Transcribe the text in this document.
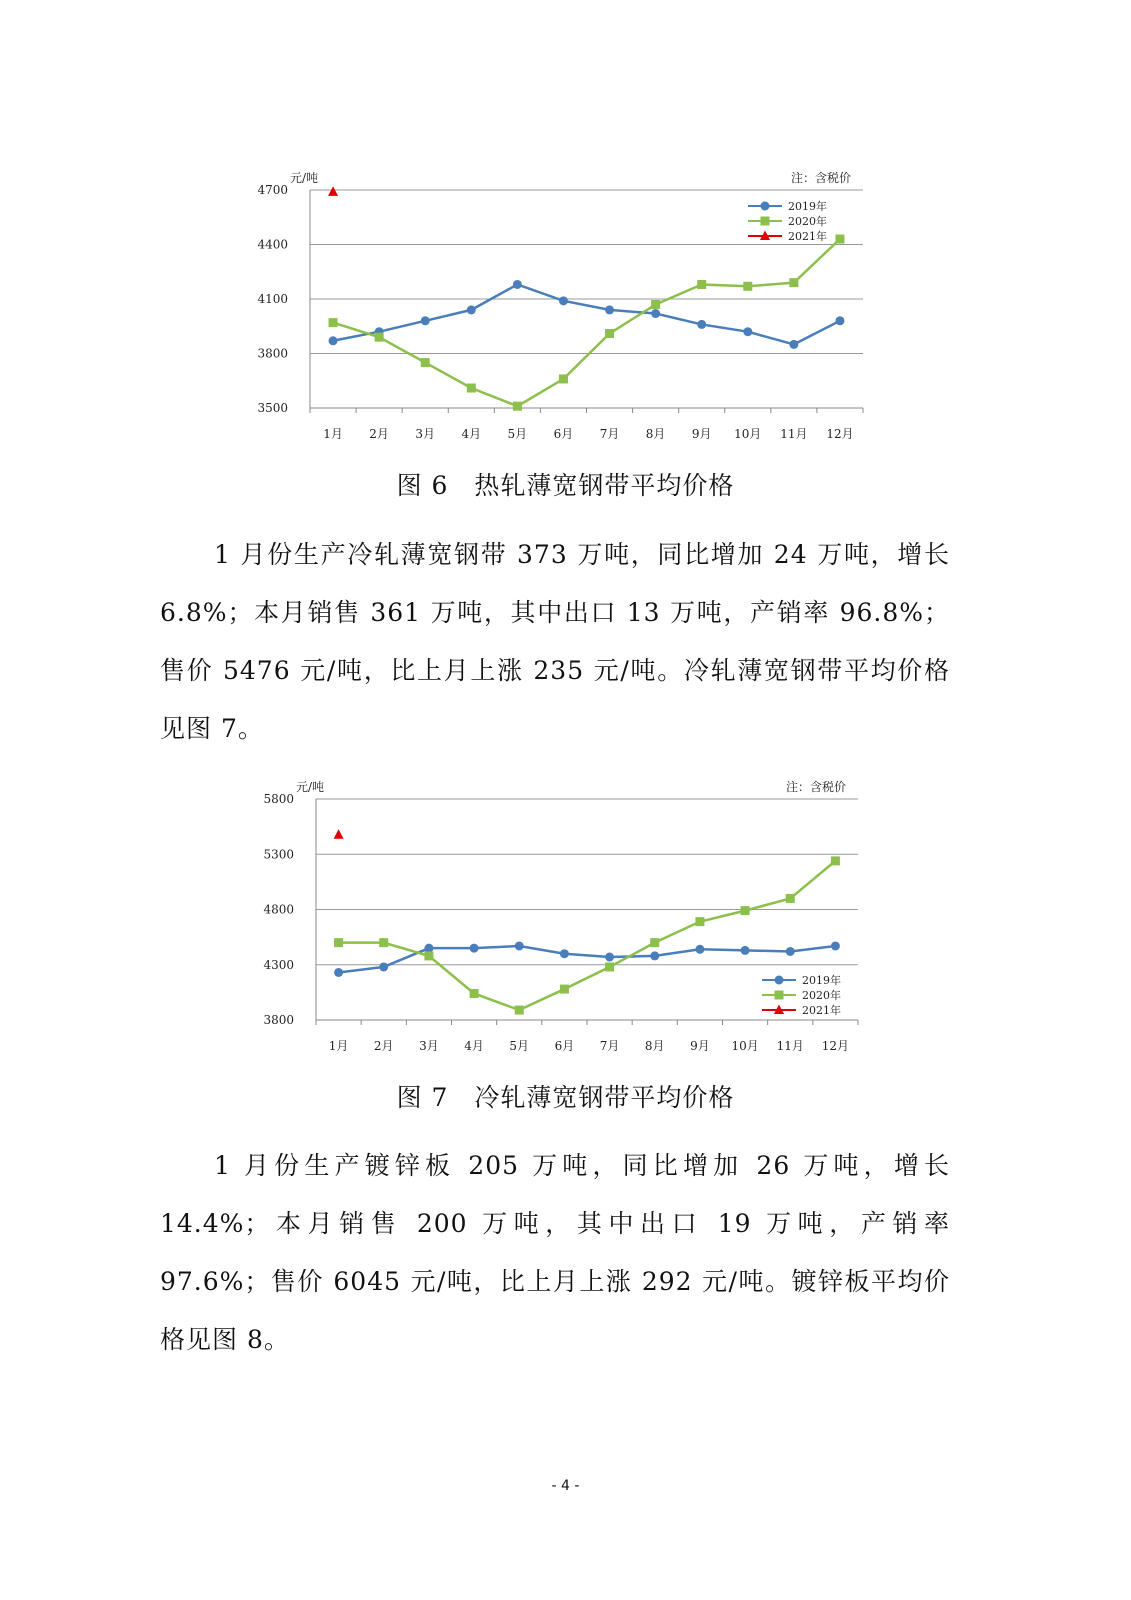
3500
3800
4100
4400
4700
1月 2月 3月 4月 5月 6月 7月 8月 9月 10月 11月 12月
元/吨	注：含税价
2019年
2020年
2021年
图 6　热轧薄宽钢带平均价格
1 月份生产冷轧薄宽钢带 373 万吨，同比增加 24 万吨，增长 6.8%；本月销售 361 万吨，其中出口 13 万吨，产销率 96.8%；售价 5476 元/吨，比上月上涨 235 元/吨。冷轧薄宽钢带平均价格见图 7。
3800
4300
4800
5300
5800
1月 2月 3月 4月 5月 6月 7月 8月 9月 10月 11月 12月
元/吨	注：含税价
2019年
2020年
2021年
图 7　冷轧薄宽钢带平均价格
1 月份生产镀锌板 205 万吨，同比增加 26 万吨，增长 14.4%；本月销售 200 万吨，其中出口 19 万吨，产销率 97.6%；售价 6045 元/吨，比上月上涨 292 元/吨。镀锌板平均价格见图 8。
- 4 -
